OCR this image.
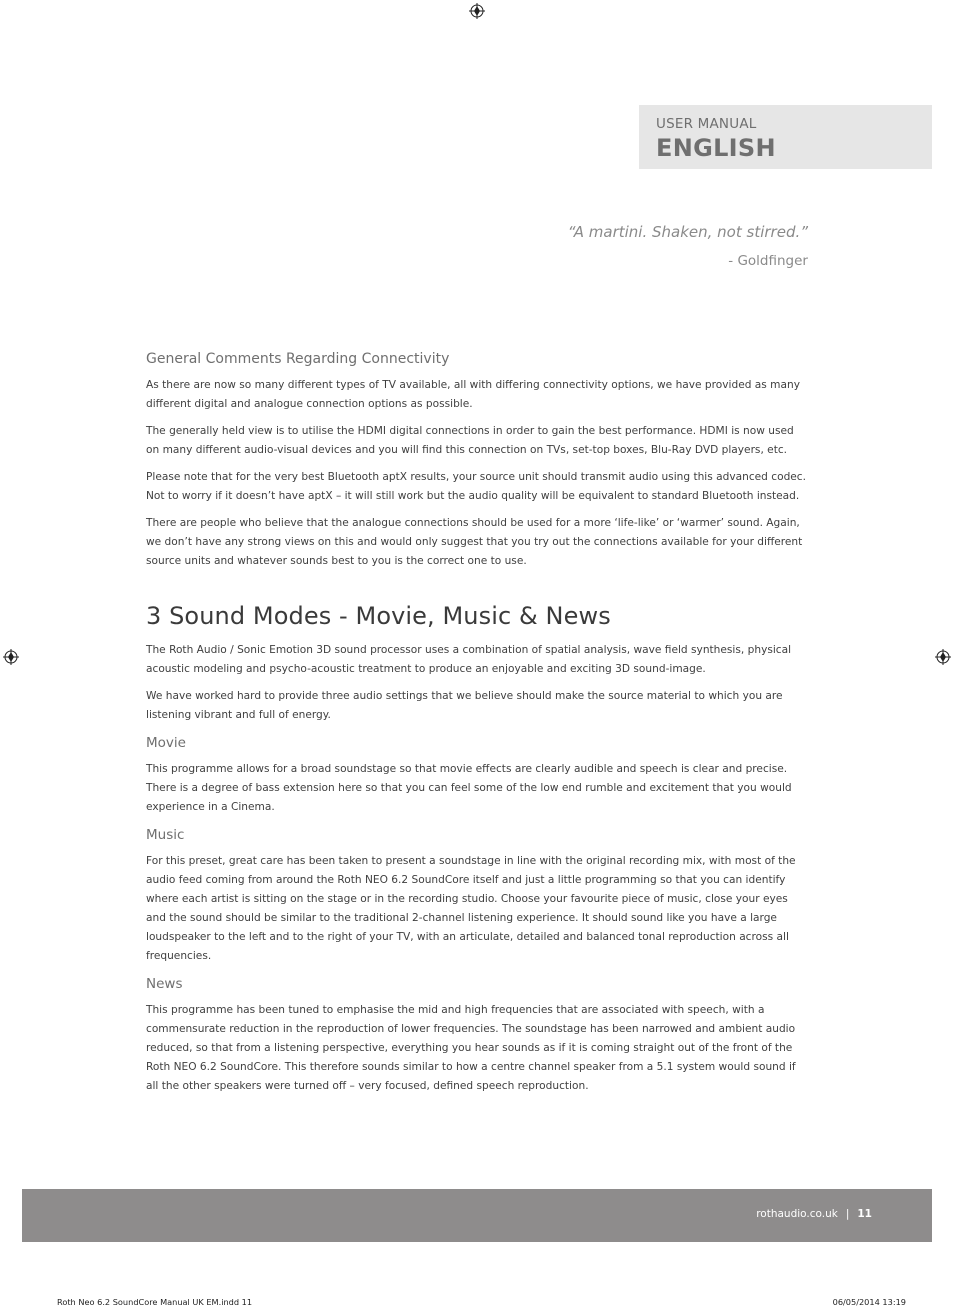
USER MANUAL
ENGLISH
“A martini. Shaken, not stirred.”
- Goldfinger
General Comments Regarding Connectivity

As there are now so many different types of TV available, all with differing connectivity options, we have provided as many different digital and analogue connection options as possible.

The generally held view is to utilise the HDMI digital connections in order to gain the best performance. HDMI is now used on many different audio-visual devices and you will find this connection on TVs, set-top boxes, Blu-Ray DVD players, etc.

Please note that for the very best Bluetooth aptX results, your source unit should transmit audio using this advanced codec. Not to worry if it doesn’t have aptX – it will still work but the audio quality will be equivalent to standard Bluetooth instead.

There are people who believe that the analogue connections should be used for a more ‘life-like’ or ‘warmer’ sound. Again, we don’t have any strong views on this and would only suggest that you try out the connections available for your different source units and whatever sounds best to you is the correct one to use.

3 Sound Modes - Movie, Music & News

The Roth Audio / Sonic Emotion 3D sound processor uses a combination of spatial analysis, wave field synthesis, physical acoustic modeling and psycho-acoustic treatment to produce an enjoyable and exciting 3D sound-image.

We have worked hard to provide three audio settings that we believe should make the source material to which you are listening vibrant and full of energy.

Movie

This programme allows for a broad soundstage so that movie effects are clearly audible and speech is clear and precise. There is a degree of bass extension here so that you can feel some of the low end rumble and excitement that you would experience in a Cinema.

Music

For this preset, great care has been taken to present a soundstage in line with the original recording mix, with most of the audio feed coming from around the Roth NEO 6.2 SoundCore itself and just a little programming so that you can identify where each artist is sitting on the stage or in the recording studio. Choose your favourite piece of music, close your eyes and the sound should be similar to the traditional 2-channel listening experience. It should sound like you have a large loudspeaker to the left and to the right of your TV, with an articulate, detailed and balanced tonal reproduction across all frequencies.

News

This programme has been tuned to emphasise the mid and high frequencies that are associated with speech, with a commensurate reduction in the reproduction of lower frequencies. The soundstage has been narrowed and ambient audio reduced, so that from a listening perspective, everything you hear sounds as if it is coming straight out of the front of the Roth NEO 6.2 SoundCore. This therefore sounds similar to how a centre channel speaker from a 5.1 system would sound if all the other speakers were turned off – very focused, defined speech reproduction.

rothaudio.co.uk | 11
Roth Neo 6.2 SoundCore Manual UK EM.indd 11	06/05/2014 13:19
